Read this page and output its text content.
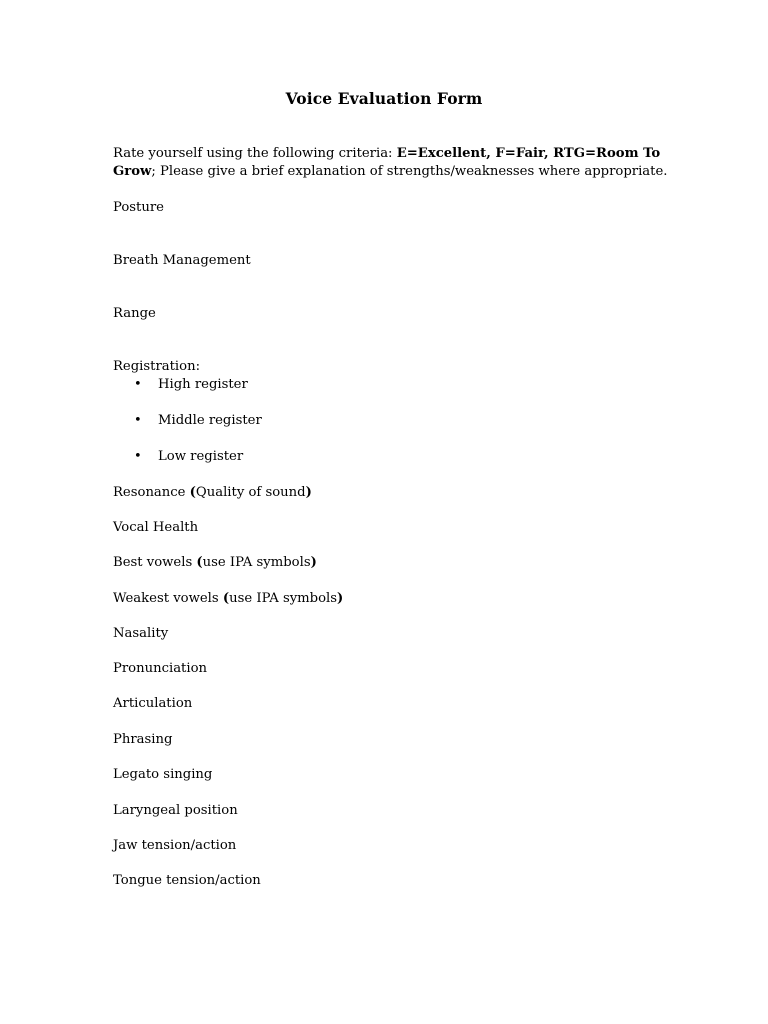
Voice Evaluation Form
Rate yourself using the following criteria: E=Excellent, F=Fair, RTG=Room To
Grow; Please give a brief explanation of strengths/weaknesses where appropriate.
Posture
Breath Management
Range
Registration:
• High register
• Middle register
• Low register
Resonance (Quality of sound)
Vocal Health
Best vowels (use IPA symbols)
Weakest vowels (use IPA symbols)
Nasality
Pronunciation
Articulation
Phrasing
Legato singing
Laryngeal position
Jaw tension/action
Tongue tension/action
